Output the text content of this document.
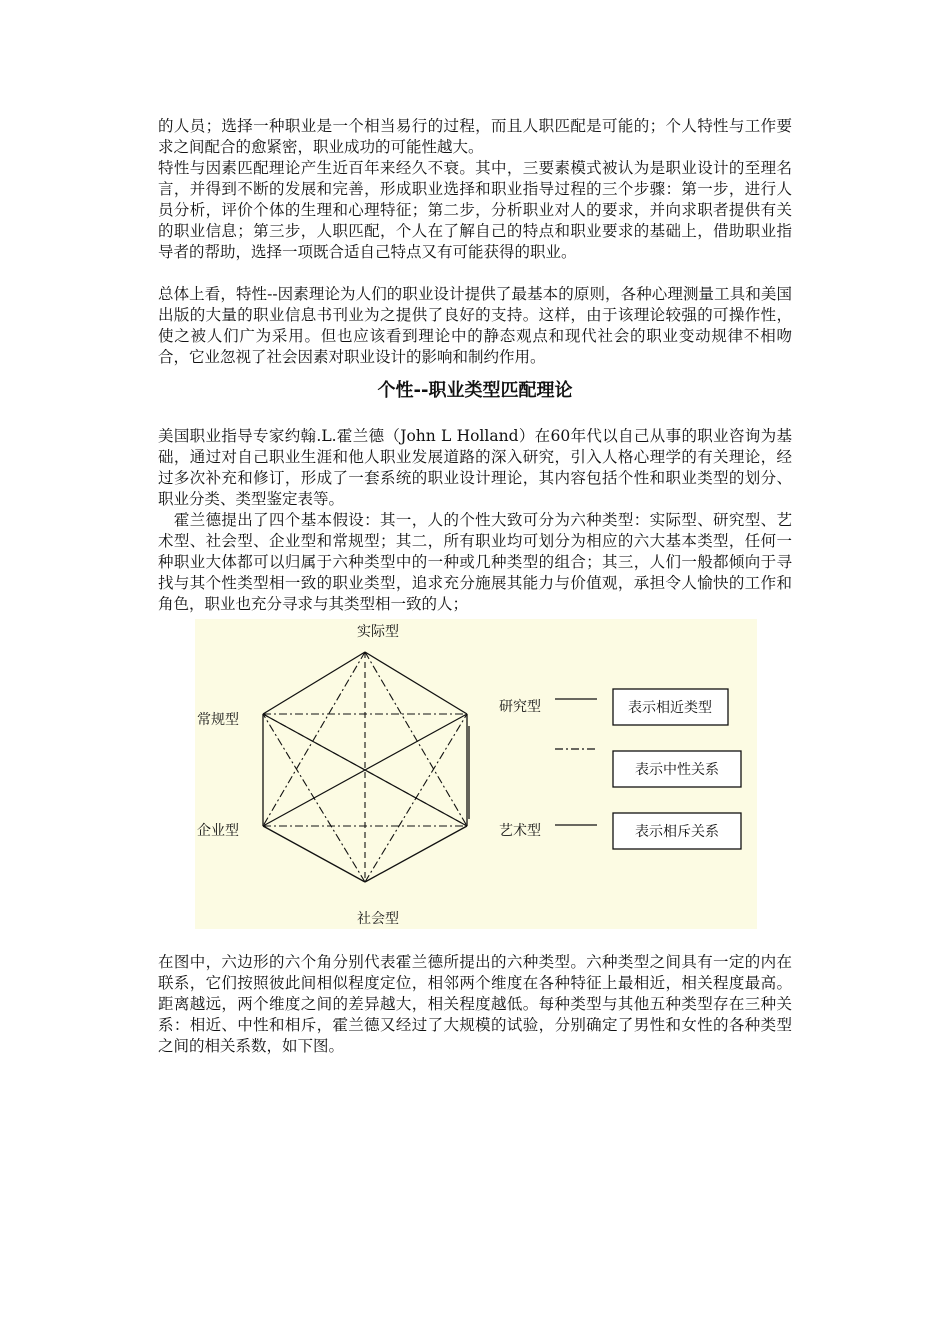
的人员；选择一种职业是一个相当易行的过程，而且人职匹配是可能的；个人特性与工作要求之间配合的愈紧密，职业成功的可能性越大。

特性与因素匹配理论产生近百年来经久不衰。其中，三要素模式被认为是职业设计的至理名言，并得到不断的发展和完善，形成职业选择和职业指导过程的三个步骤：第一步，进行人员分析，评价个体的生理和心理特征；第二步，分析职业对人的要求，并向求职者提供有关的职业信息；第三步，人职匹配，个人在了解自己的特点和职业要求的基础上，借助职业指导者的帮助，选择一项既合适自己特点又有可能获得的职业。

总体上看，特性--因素理论为人们的职业设计提供了最基本的原则，各种心理测量工具和美国出版的大量的职业信息书刊业为之提供了良好的支持。这样，由于该理论较强的可操作性，使之被人们广为采用。但也应该看到理论中的静态观点和现代社会的职业变动规律不相吻合，它业忽视了社会因素对职业设计的影响和制约作用。

个性--职业类型匹配理论

美国职业指导专家约翰.L.霍兰德（John L Holland）在60年代以自己从事的职业咨询为基础，通过对自己职业生涯和他人职业发展道路的深入研究，引入人格心理学的有关理论，经过多次补充和修订，形成了一套系统的职业设计理论，其内容包括个性和职业类型的划分、职业分类、类型鉴定表等。

　霍兰德提出了四个基本假设：其一，人的个性大致可分为六种类型：实际型、研究型、艺术型、社会型、企业型和常规型；其二，所有职业均可划分为相应的六大基本类型，任何一种职业大体都可以归属于六种类型中的一种或几种类型的组合；其三，人们一般都倾向于寻找与其个性类型相一致的职业类型，追求充分施展其能力与价值观，承担令人愉快的工作和角色，职业也充分寻求与其类型相一致的人；

实际型
常规型
研究型
企业型	艺术型
社会型
表示相近类型
表示中性关系
表示相斥关系

在图中，六边形的六个角分别代表霍兰德所提出的六种类型。六种类型之间具有一定的内在联系，它们按照彼此间相似程度定位，相邻两个维度在各种特征上最相近，相关程度最高。距离越远，两个维度之间的差异越大，相关程度越低。每种类型与其他五种类型存在三种关系：相近、中性和相斥，霍兰德又经过了大规模的试验，分别确定了男性和女性的各种类型之间的相关系数，如下图。
